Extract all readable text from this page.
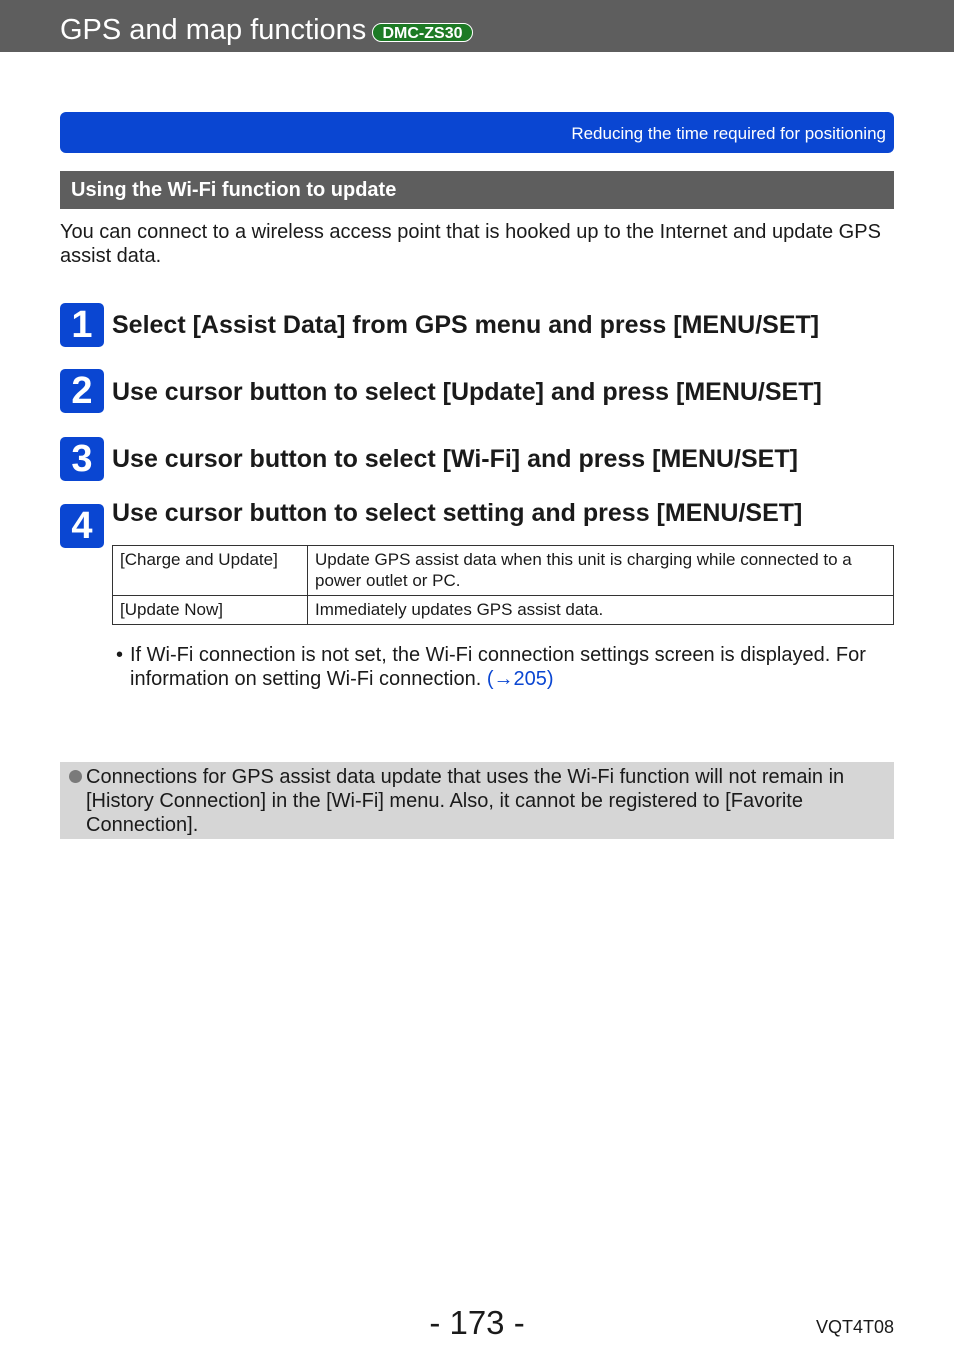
GPS and map functions	DMC-ZS30
Reducing the time required for positioning
Using the Wi-Fi function to update

You can connect to a wireless access point that is hooked up to the Internet and update GPS assist data.

1 Select [Assist Data] from GPS menu and press [MENU/SET]
2 Use cursor button to select [Update] and press [MENU/SET]
3 Use cursor button to select [Wi-Fi] and press [MENU/SET]
4 Use cursor button to select setting and press [MENU/SET]
[Charge and Update]	Update GPS assist data when this unit is charging while connected to a power outlet or PC.
[Update Now]	Immediately updates GPS assist data.
• If Wi-Fi connection is not set, the Wi-Fi connection settings screen is displayed. For information on setting Wi-Fi connection. (→205)
Connections for GPS assist data update that uses the Wi-Fi function will not remain in [History Connection] in the [Wi-Fi] menu. Also, it cannot be registered to [Favorite Connection].
- 173 -	VQT4T08
